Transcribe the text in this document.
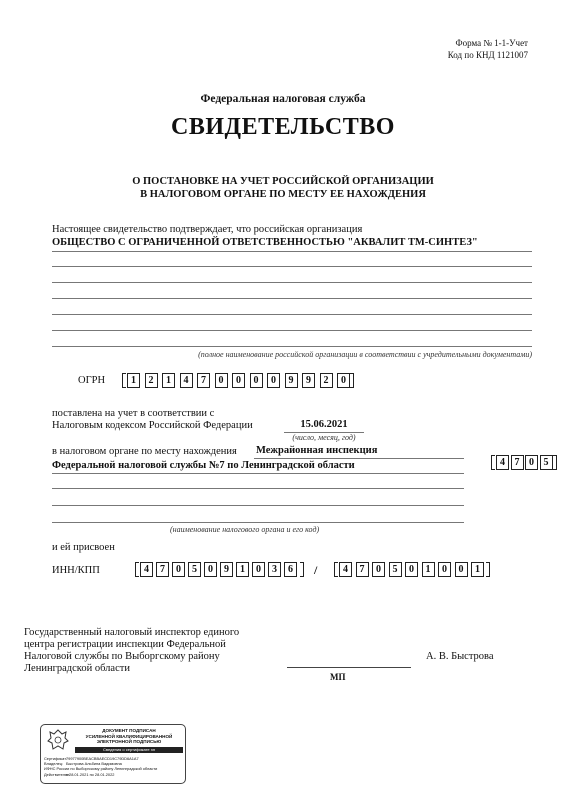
Форма № 1-1-Учет
Код по КНД 1121007
Федеральная налоговая служба
СВИДЕТЕЛЬСТВО
О ПОСТАНОВКЕ НА УЧЕТ РОССИЙСКОЙ ОРГАНИЗАЦИИ
В НАЛОГОВОМ ОРГАНЕ ПО МЕСТУ ЕЕ НАХОЖДЕНИЯ
Настоящее свидетельство подтверждает, что российская организация
ОБЩЕСТВО С ОГРАНИЧЕННОЙ ОТВЕТСТВЕННОСТЬЮ "АКВАЛИТ ТМ-СИНТЕЗ"
(полное наименование российской организации в соответствии с учредительными документами)
ОГРН	1	2	1	4	7	0	0	0	0	9	9	2	0
поставлена на учет в соответствии с
Налоговым кодексом Российской Федерации	15.06.2021
(число, месяц, год)
в налоговом органе по месту нахождения Межрайонная инспекция
Федеральной налоговой службы №7 по Ленинградской области	4 7 0 5
(наименование налогового органа и его код)
и ей присвоен
ИНН/КПП	4	7	0	5	0	9	1	0	3	6	/	4	7	0	5	0	1	0	0	1
Государственный налоговый инспектор единого
центра регистрации инспекции Федеральной
Налоговой службы по Выборгскому району
Ленинградской области
А. В. Быстрова
МП
ДОКУМЕНТ ПОДПИСАН
УСИЛЕННОЙ КВАЛИФИЦИРОВАННОЙ
ЭЛЕКТРОННОЙ ПОДПИСЬЮ
Сведения о сертификате эп
Сертификат:79977900BEACBBAECD19C79DD6A1A7
Владелец: Быстрова Альбина Вадимовна
ИФНС России по Выборгскому району Ленинградской области
Действителен:с 28.01.2021 по 28.01.2022
